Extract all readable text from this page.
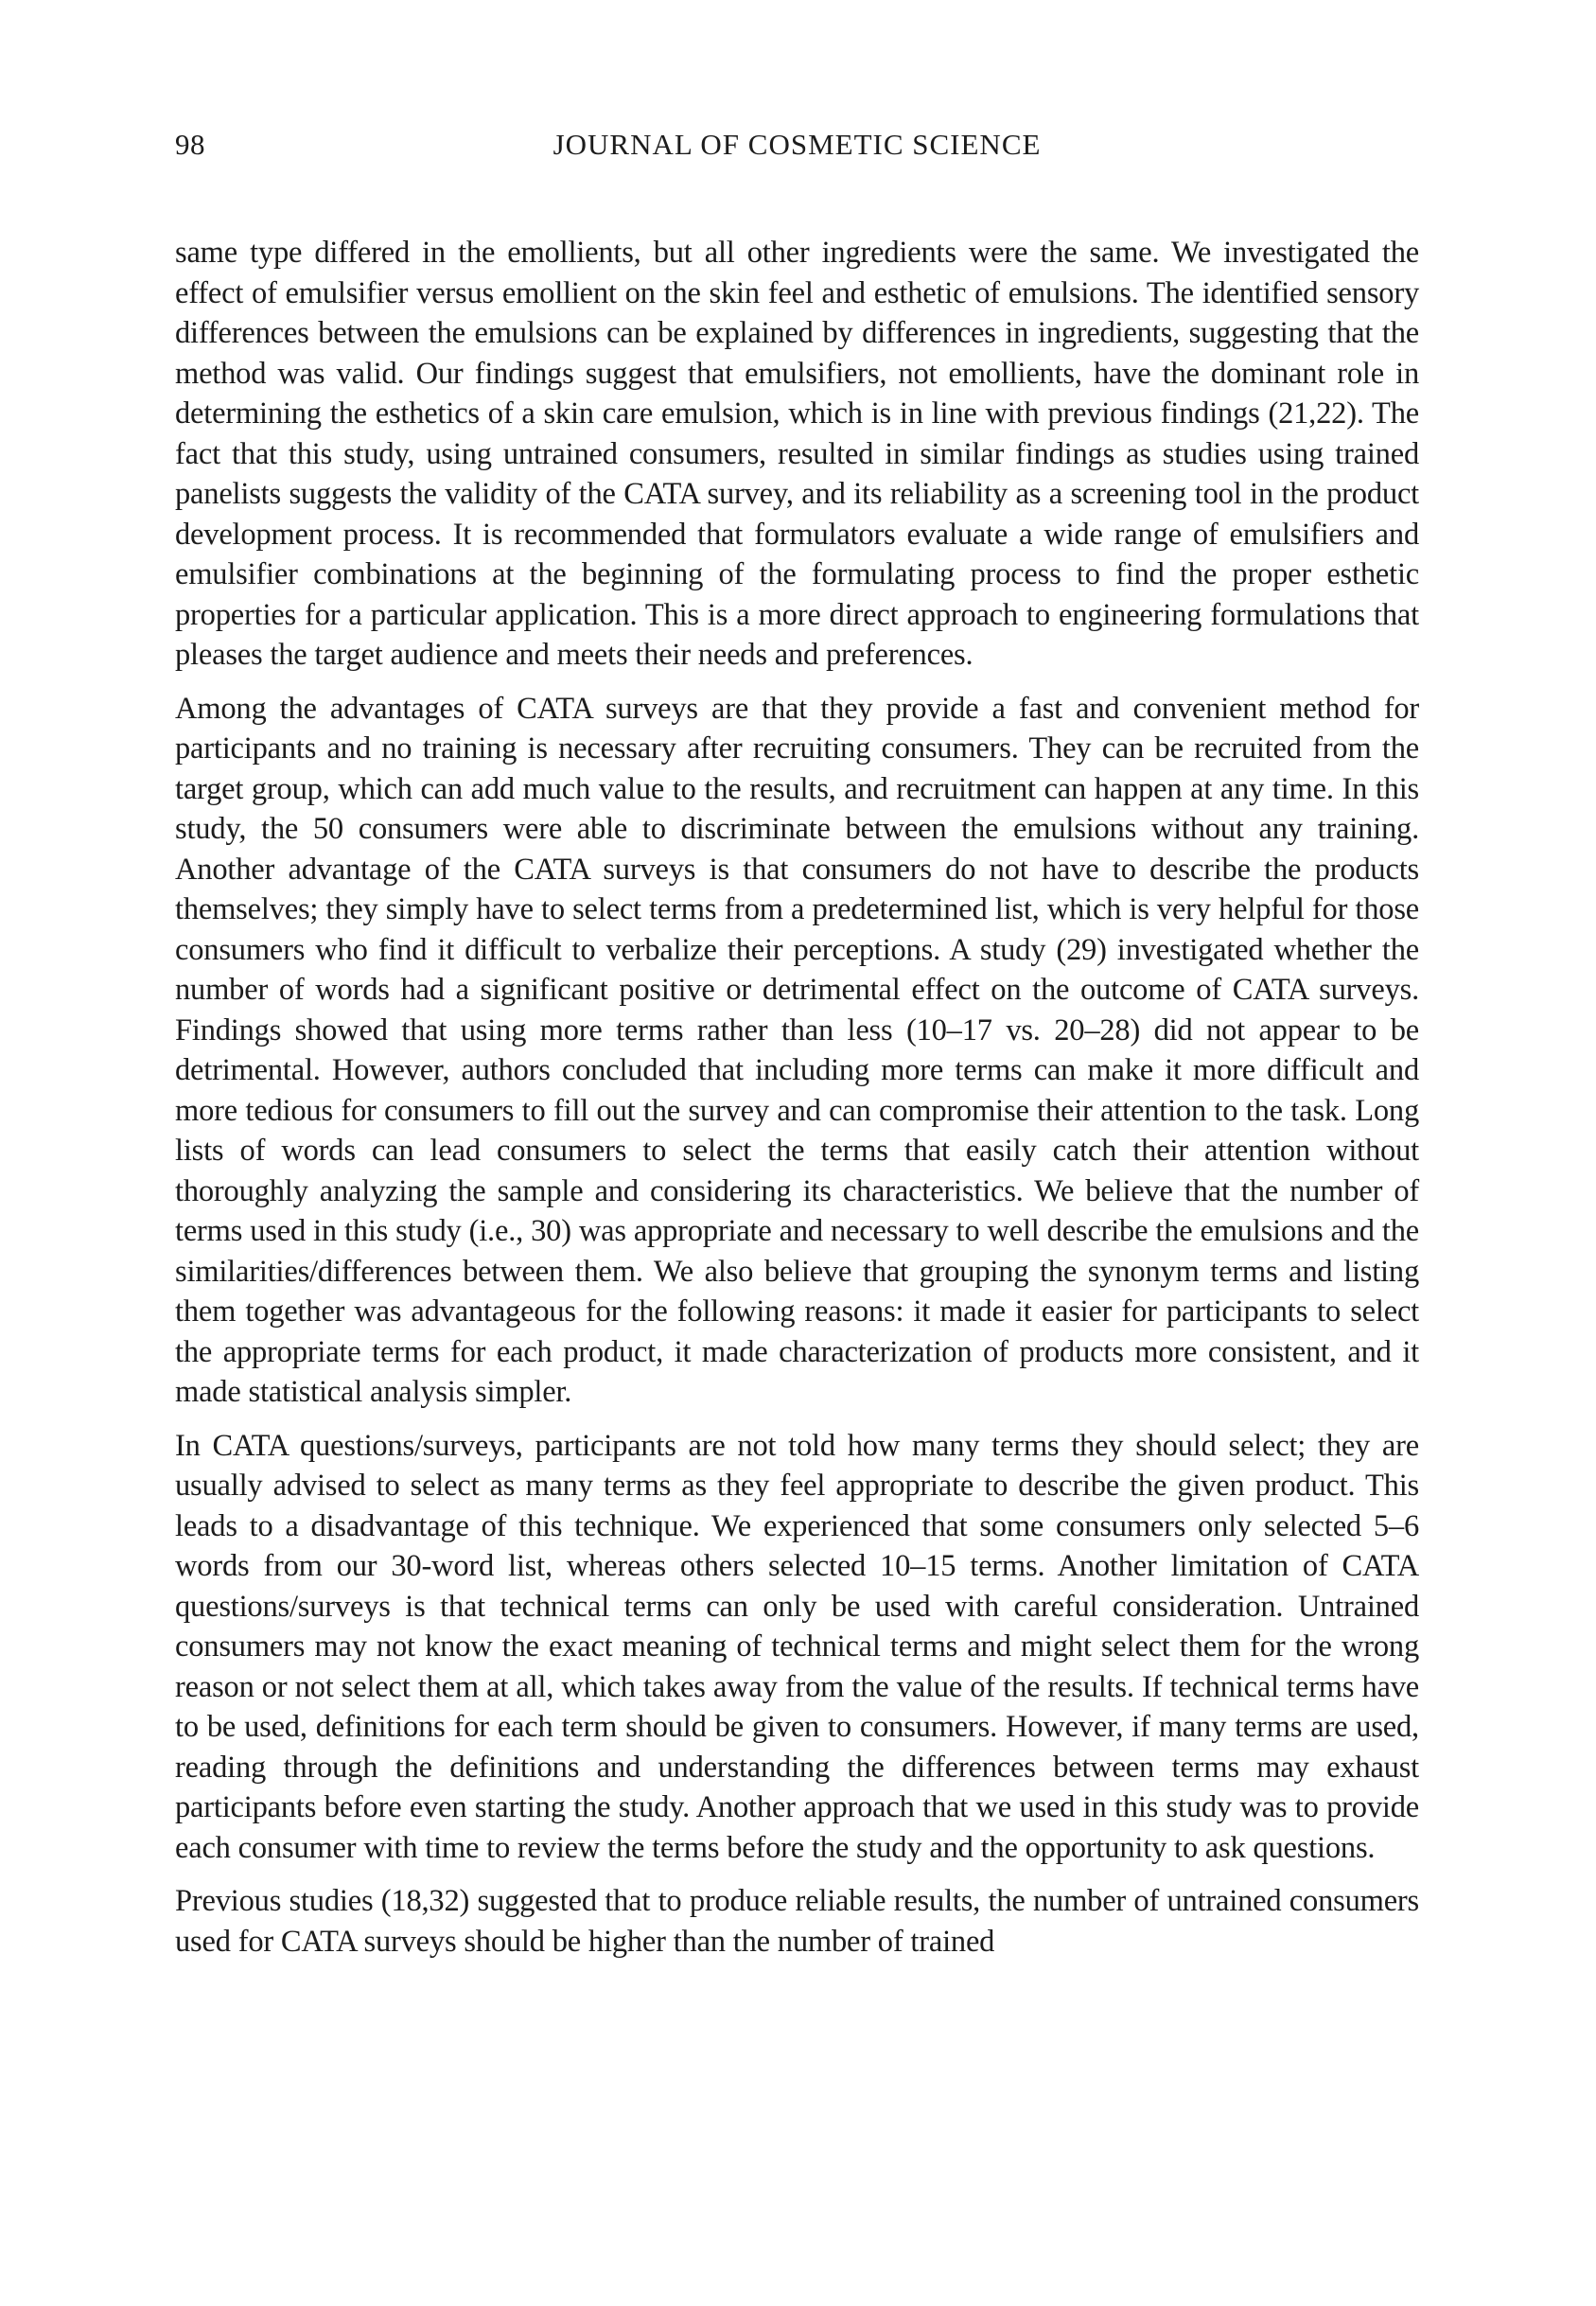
98	JOURNAL OF COSMETIC SCIENCE

same type differed in the emollients, but all other ingredients were the same. We investigated the effect of emulsifier versus emollient on the skin feel and esthetic of emulsions. The identified sensory differences between the emulsions can be explained by differences in ingredients, suggesting that the method was valid. Our findings suggest that emulsifiers, not emollients, have the dominant role in determining the esthetics of a skin care emulsion, which is in line with previous findings (21,22). The fact that this study, using untrained consumers, resulted in similar findings as studies using trained panelists suggests the validity of the CATA survey, and its reliability as a screening tool in the product development process. It is recommended that formulators evaluate a wide range of emulsifiers and emulsifier combinations at the beginning of the formulating process to find the proper esthetic properties for a particular application. This is a more direct approach to engineering formulations that pleases the target audience and meets their needs and preferences.

Among the advantages of CATA surveys are that they provide a fast and convenient method for participants and no training is necessary after recruiting consumers. They can be recruited from the target group, which can add much value to the results, and recruitment can happen at any time. In this study, the 50 consumers were able to discriminate between the emulsions without any training. Another advantage of the CATA surveys is that consumers do not have to describe the products themselves; they simply have to select terms from a predetermined list, which is very helpful for those consumers who find it difficult to verbalize their perceptions. A study (29) investigated whether the number of words had a significant positive or detrimental effect on the outcome of CATA surveys. Findings showed that using more terms rather than less (10–17 vs. 20–28) did not appear to be detrimental. However, authors concluded that including more terms can make it more difficult and more tedious for consumers to fill out the survey and can compromise their attention to the task. Long lists of words can lead consumers to select the terms that easily catch their attention without thoroughly analyzing the sample and considering its characteristics. We believe that the number of terms used in this study (i.e., 30) was appropriate and necessary to well describe the emulsions and the similarities/differences between them. We also believe that grouping the synonym terms and listing them together was advantageous for the following reasons: it made it easier for participants to select the appropriate terms for each product, it made characterization of products more consistent, and it made statistical analysis simpler.

In CATA questions/surveys, participants are not told how many terms they should select; they are usually advised to select as many terms as they feel appropriate to describe the given product. This leads to a disadvantage of this technique. We experienced that some consumers only selected 5–6 words from our 30-word list, whereas others selected 10–15 terms. Another limitation of CATA questions/surveys is that technical terms can only be used with careful consideration. Untrained consumers may not know the exact meaning of technical terms and might select them for the wrong reason or not select them at all, which takes away from the value of the results. If technical terms have to be used, definitions for each term should be given to consumers. However, if many terms are used, reading through the definitions and understanding the differences between terms may exhaust participants before even starting the study. Another approach that we used in this study was to provide each consumer with time to review the terms before the study and the opportunity to ask questions.

Previous studies (18,32) suggested that to produce reliable results, the number of untrained consumers used for CATA surveys should be higher than the number of trained
